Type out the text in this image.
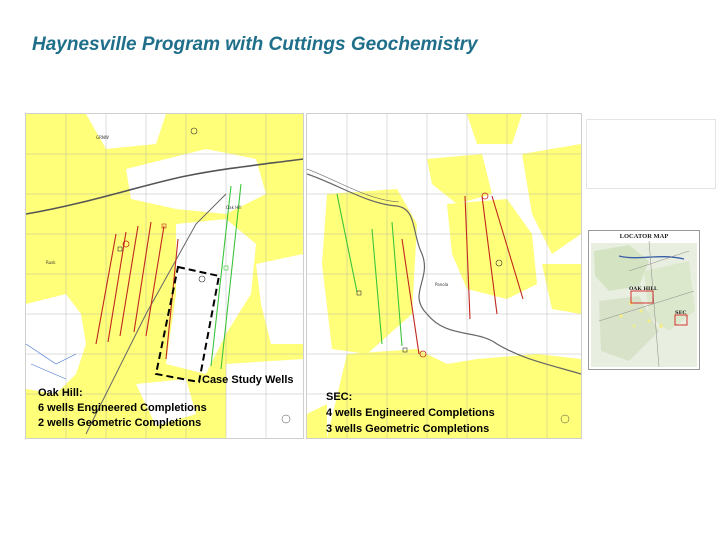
Haynesville Program with Cuttings Geochemistry
GRNW
Oak Hill
Rusk
Panola
LOCATOR MAP
OAK HILL
SEC
Case Study Wells
Oak Hill:
6 wells Engineered Completions
2 wells Geometric Completions
SEC:
4 wells Engineered Completions
3 wells Geometric Completions
